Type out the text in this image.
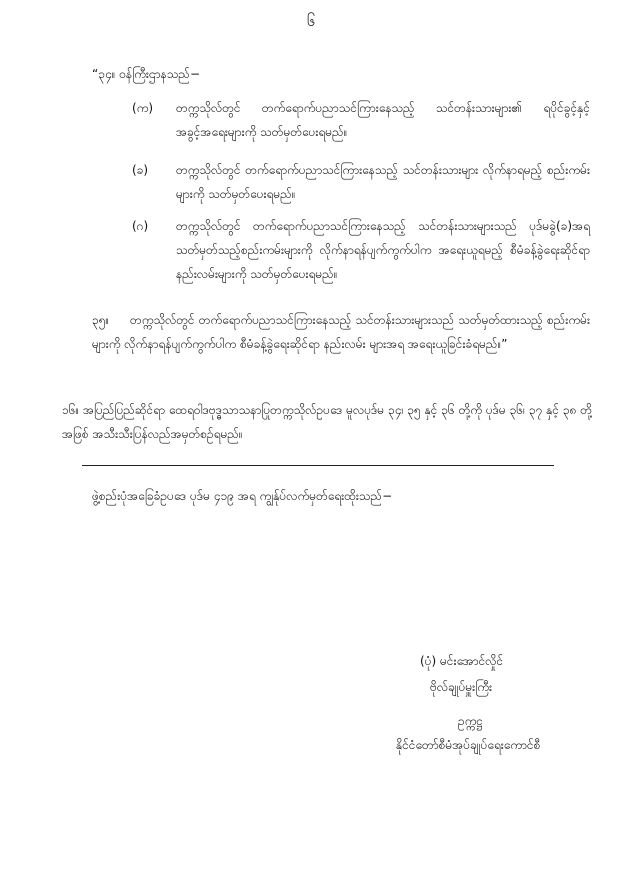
၆
“၃၄။ ဝန်ကြီးဌာနသည်−
(က)	တက္ကသိုလ်တွင် တက်ရောက်ပညာသင်ကြားနေသည့် သင်တန်းသားများ၏ ရပိုင်ခွင့်နှင့် အခွင့်အရေးများကို သတ်မှတ်ပေးရမည်။
(ခ)	တက္ကသိုလ်တွင် တက်ရောက်ပညာသင်ကြားနေသည့် သင်တန်းသားများ လိုက်နာရမည့် စည်းကမ်းများကို သတ်မှတ်ပေးရမည်။
(ဂ)	တက္ကသိုလ်တွင် တက်ရောက်ပညာသင်ကြားနေသည့် သင်တန်းသားများသည် ပုဒ်မခွဲ(ခ)အရ သတ်မှတ်သည့်စည်းကမ်းများကို လိုက်နာရန်ပျက်ကွက်ပါက အရေးယူရမည့် စီမံခန့်ခွဲရေးဆိုင်ရာ နည်းလမ်းများကို သတ်မှတ်ပေးရမည်။
၃၅။ တက္ကသိုလ်တွင် တက်ရောက်ပညာသင်ကြားနေသည့် သင်တန်းသားများသည် သတ်မှတ်ထားသည့် စည်းကမ်းများကို လိုက်နာရန်ပျက်ကွက်ပါက စီမံခန့်ခွဲရေးဆိုင်ရာ နည်းလမ်း များအရ အရေးယူခြင်းခံရမည်။”
၁၆။ အပြည်ပြည်ဆိုင်ရာ ထေရဝါဒဗုဒ္ဓသာသနာပြုတက္ကသိုလ်ဥပဒေ မူလပုဒ်မ ၃၄၊ ၃၅ နှင့် ၃၆ တို့ကို ပုဒ်မ ၃၆၊ ၃၇ နှင့် ၃၈ တို့အဖြစ် အသီးသီးပြန်လည်အမှတ်စဉ်ရမည်။
ဖွဲ့စည်းပုံအခြေခံဥပဒေ ပုဒ်မ ၄၁၉ အရ ကျွန်ုပ်လက်မှတ်ရေးထိုးသည်−
(ပုံ) မင်းအောင်လှိုင်
ဗိုလ်ချုပ်မှူးကြီး
ဥက္ကဋ္ဌ
နိုင်ငံတော်စီမံအုပ်ချုပ်ရေးကောင်စီ
